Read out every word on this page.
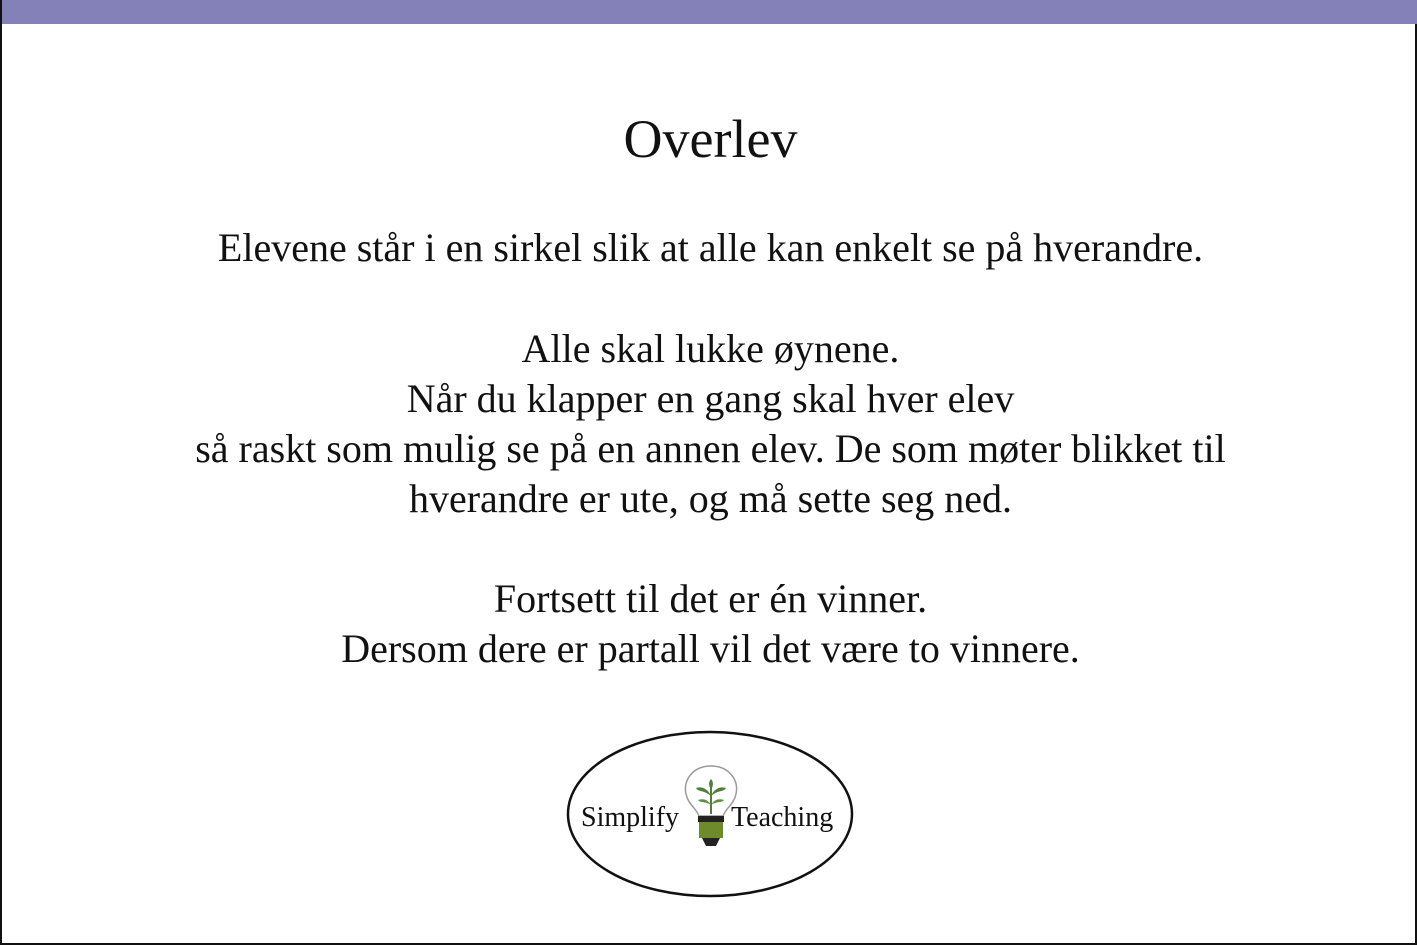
Overlev
Elevene står i en sirkel slik at alle kan enkelt se på hverandre.
Alle skal lukke øynene.
Når du klapper en gang skal hver elev
så raskt som mulig se på en annen elev. De som møter blikket til
hverandre er ute, og må sette seg ned.
Fortsett til det er én vinner.
Dersom dere er partall vil det være to vinnere.
Simplify Teaching
